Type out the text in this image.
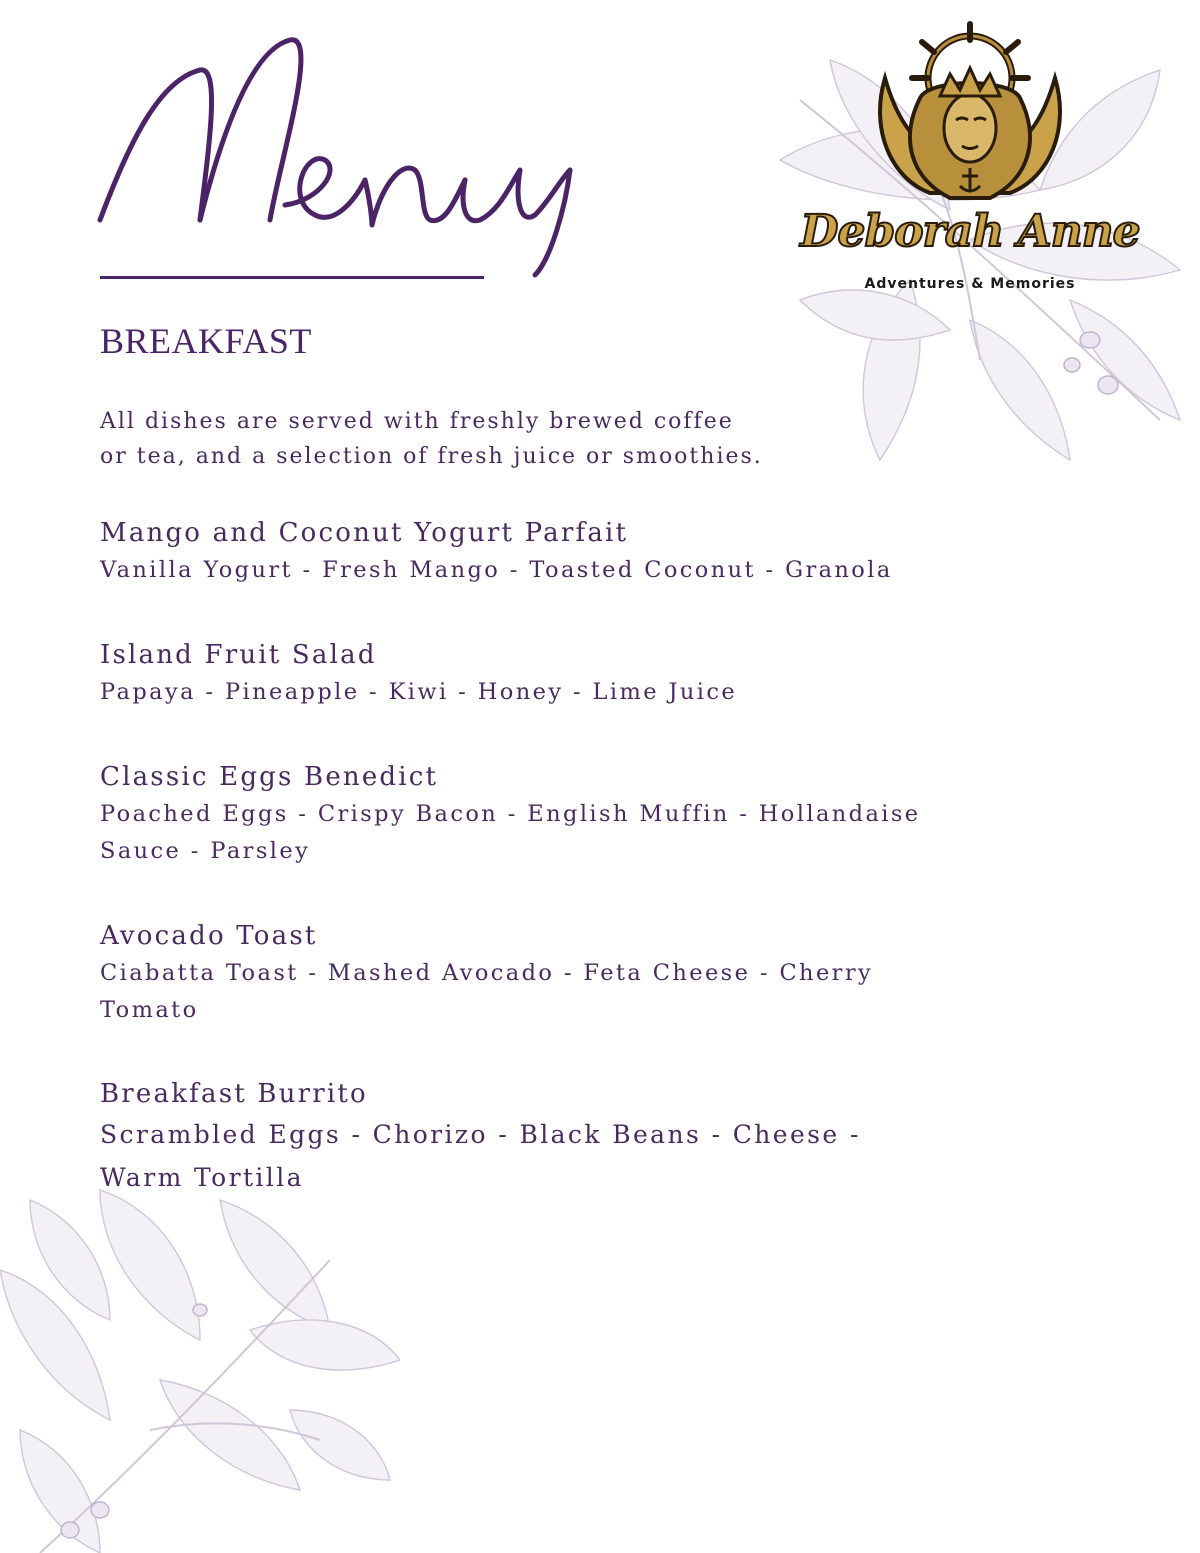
Deborah Anne
Adventures & Memories
BREAKFAST
All dishes are served with freshly brewed coffee
or tea, and a selection of fresh juice or smoothies.
Mango and Coconut Yogurt Parfait
Vanilla Yogurt - Fresh Mango - Toasted Coconut - Granola
Island Fruit Salad
Papaya - Pineapple - Kiwi - Honey - Lime Juice
Classic Eggs Benedict
Poached Eggs - Crispy Bacon - English Muffin - Hollandaise
Sauce - Parsley
Avocado Toast
Ciabatta Toast - Mashed Avocado - Feta Cheese - Cherry
Tomato
Breakfast Burrito
Scrambled Eggs - Chorizo - Black Beans - Cheese -
Warm Tortilla
